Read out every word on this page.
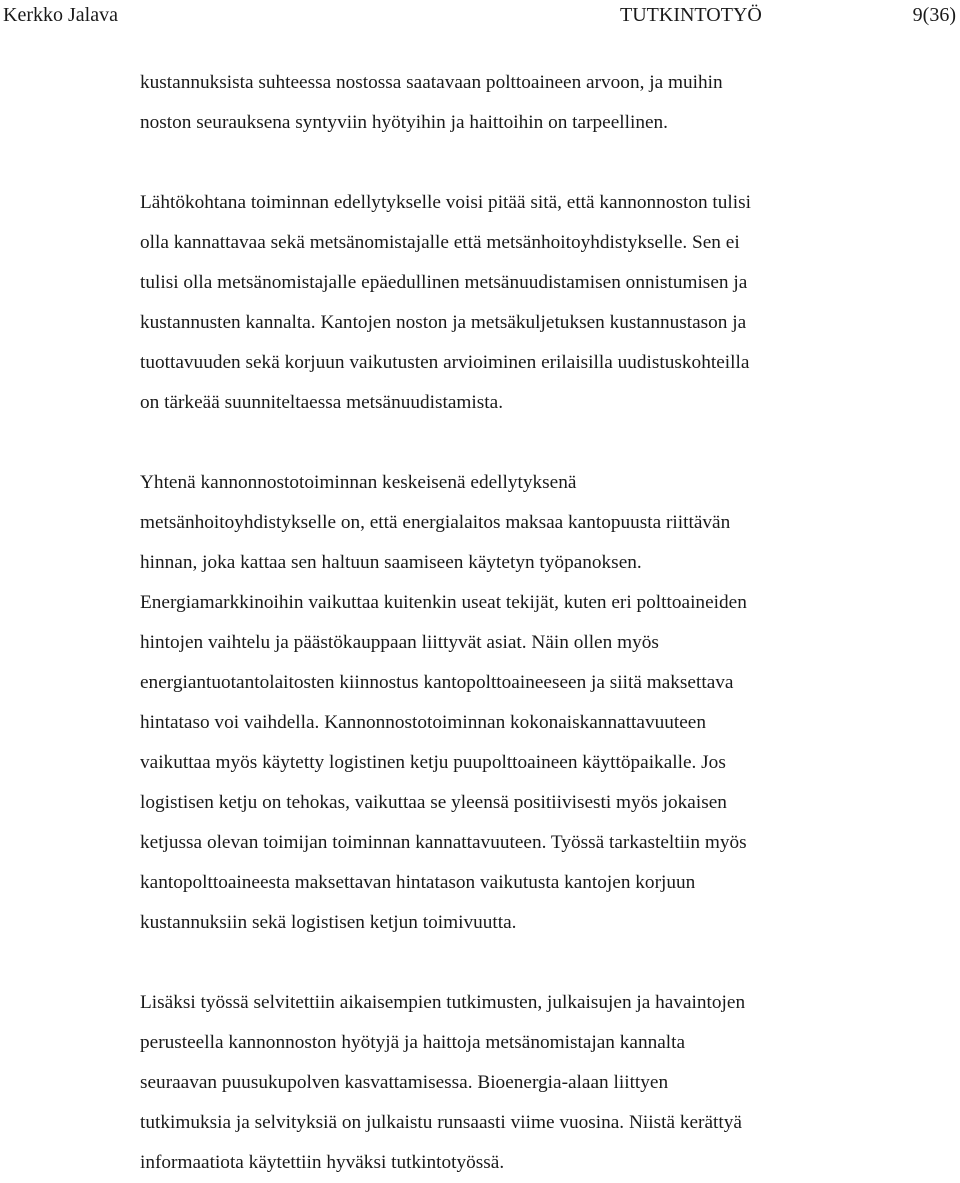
Kerkko Jalava	TUTKINTOTYÖ	9(36)
kustannuksista suhteessa nostossa saatavaan polttoaineen arvoon, ja muihin
noston seurauksena syntyviin hyötyihin ja haittoihin on tarpeellinen.
Lähtökohtana toiminnan edellytykselle voisi pitää sitä, että kannonnoston tulisi
olla kannattavaa sekä metsänomistajalle että metsänhoitoyhdistykselle. Sen ei
tulisi olla metsänomistajalle epäedullinen metsänuudistamisen onnistumisen ja
kustannusten kannalta. Kantojen noston ja metsäkuljetuksen kustannustason ja
tuottavuuden sekä korjuun vaikutusten arvioiminen erilaisilla uudistuskohteilla
on tärkeää suunniteltaessa metsänuudistamista.
Yhtenä kannonnostotoiminnan keskeisenä edellytyksenä
metsänhoitoyhdistykselle on, että energialaitos maksaa kantopuusta riittävän
hinnan, joka kattaa sen haltuun saamiseen käytetyn työpanoksen.
Energiamarkkinoihin vaikuttaa kuitenkin useat tekijät, kuten eri polttoaineiden
hintojen vaihtelu ja päästökauppaan liittyvät asiat. Näin ollen myös
energiantuotantolaitosten kiinnostus kantopolttoaineeseen ja siitä maksettava
hintataso voi vaihdella. Kannonnostotoiminnan kokonaiskannattavuuteen
vaikuttaa myös käytetty logistinen ketju puupolttoaineen käyttöpaikalle. Jos
logistisen ketju on tehokas, vaikuttaa se yleensä positiivisesti myös jokaisen
ketjussa olevan toimijan toiminnan kannattavuuteen. Työssä tarkasteltiin myös
kantopolttoaineesta maksettavan hintatason vaikutusta kantojen korjuun
kustannuksiin sekä logistisen ketjun toimivuutta.
Lisäksi työssä selvitettiin aikaisempien tutkimusten, julkaisujen ja havaintojen
perusteella kannonnoston hyötyjä ja haittoja metsänomistajan kannalta
seuraavan puusukupolven kasvattamisessa. Bioenergia-alaan liittyen
tutkimuksia ja selvityksiä on julkaistu runsaasti viime vuosina. Niistä kerättyä
informaatiota käytettiin hyväksi tutkintotyössä.
